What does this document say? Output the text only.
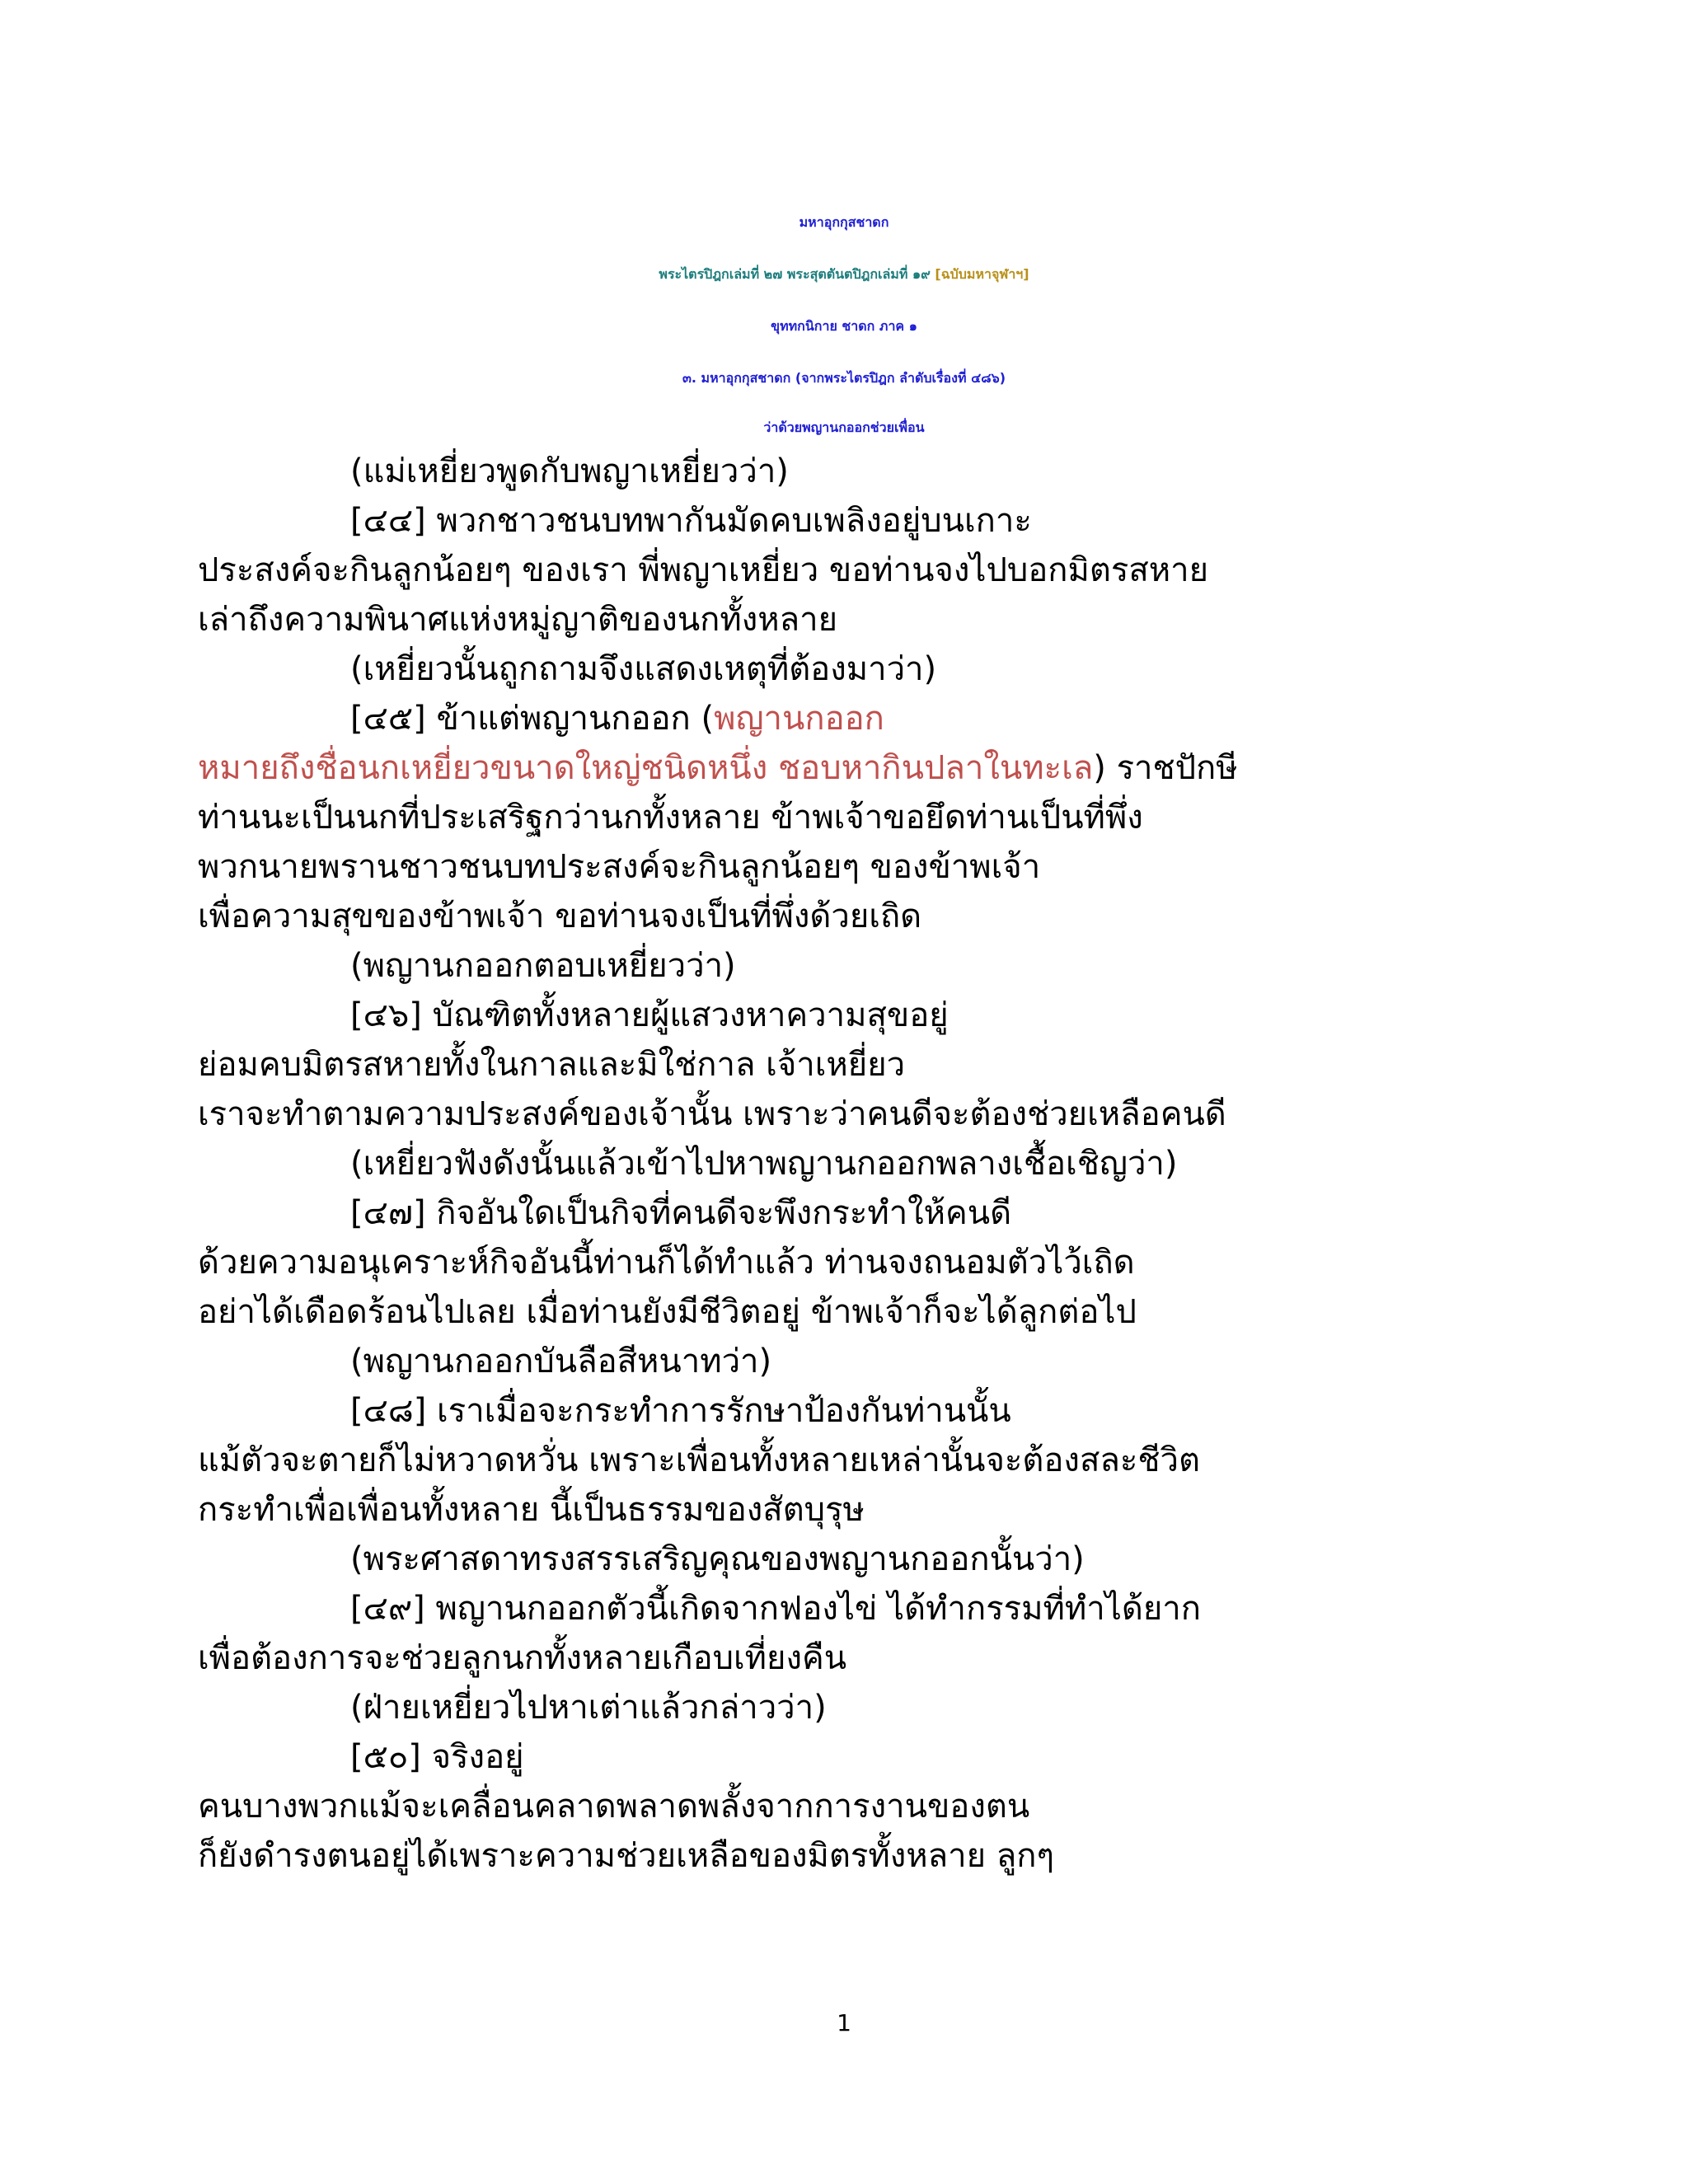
มหาอุกกุสชาดก
พระไตรปิฎกเล่มที่ ๒๗ พระสุตตันตปิฎกเล่มที่ ๑๙ [ฉบับมหาจุฬาฯ]
ขุททกนิกาย ชาดก ภาค ๑
๓. มหาอุกกุสชาดก (จากพระไตรปิฎก ลำดับเรื่องที่ ๔๘๖)
ว่าด้วยพญานกออกช่วยเพื่อน
(แม่เหยี่ยวพูดกับพญาเหยี่ยวว่า)
[๔๔] พวกชาวชนบทพากันมัดคบเพลิงอยู่บนเกาะ
ประสงค์จะกินลูกน้อยๆ ของเรา พี่พญาเหยี่ยว ขอท่านจงไปบอกมิตรสหาย
เล่าถึงความพินาศแห่งหมู่ญาติของนกทั้งหลาย
(เหยี่ยวนั้นถูกถามจึงแสดงเหตุที่ต้องมาว่า)
[๔๕] ข้าแต่พญานกออก (พญานกออก
หมายถึงชื่อนกเหยี่ยวขนาดใหญ่ชนิดหนึ่ง ชอบหากินปลาในทะเล) ราชปักษี
ท่านนะเป็นนกที่ประเสริฐกว่านกทั้งหลาย ข้าพเจ้าขอยึดท่านเป็นที่พึ่ง
พวกนายพรานชาวชนบทประสงค์จะกินลูกน้อยๆ ของข้าพเจ้า
เพื่อความสุขของข้าพเจ้า ขอท่านจงเป็นที่พึ่งด้วยเถิด
(พญานกออกตอบเหยี่ยวว่า)
[๔๖] บัณฑิตทั้งหลายผู้แสวงหาความสุขอยู่
ย่อมคบมิตรสหายทั้งในกาลและมิใช่กาล เจ้าเหยี่ยว
เราจะทำตามความประสงค์ของเจ้านั้น เพราะว่าคนดีจะต้องช่วยเหลือคนดี
(เหยี่ยวฟังดังนั้นแล้วเข้าไปหาพญานกออกพลางเชื้อเชิญว่า)
[๔๗] กิจอันใดเป็นกิจที่คนดีจะพึงกระทำให้คนดี
ด้วยความอนุเคราะห์กิจอันนี้ท่านก็ได้ทำแล้ว ท่านจงถนอมตัวไว้เถิด
อย่าได้เดือดร้อนไปเลย เมื่อท่านยังมีชีวิตอยู่ ข้าพเจ้าก็จะได้ลูกต่อไป
(พญานกออกบันลือสีหนาทว่า)
[๔๘] เราเมื่อจะกระทำการรักษาป้องกันท่านนั้น
แม้ตัวจะตายก็ไม่หวาดหวั่น เพราะเพื่อนทั้งหลายเหล่านั้นจะต้องสละชีวิต
กระทำเพื่อเพื่อนทั้งหลาย นี้เป็นธรรมของสัตบุรุษ
(พระศาสดาทรงสรรเสริญคุณของพญานกออกนั้นว่า)
[๔๙] พญานกออกตัวนี้เกิดจากฟองไข่ ได้ทำกรรมที่ทำได้ยาก
เพื่อต้องการจะช่วยลูกนกทั้งหลายเกือบเที่ยงคืน
(ฝ่ายเหยี่ยวไปหาเต่าแล้วกล่าวว่า)
[๕๐] จริงอยู่
คนบางพวกแม้จะเคลื่อนคลาดพลาดพลั้งจากการงานของตน
ก็ยังดำรงตนอยู่ได้เพราะความช่วยเหลือของมิตรทั้งหลาย ลูกๆ
1
